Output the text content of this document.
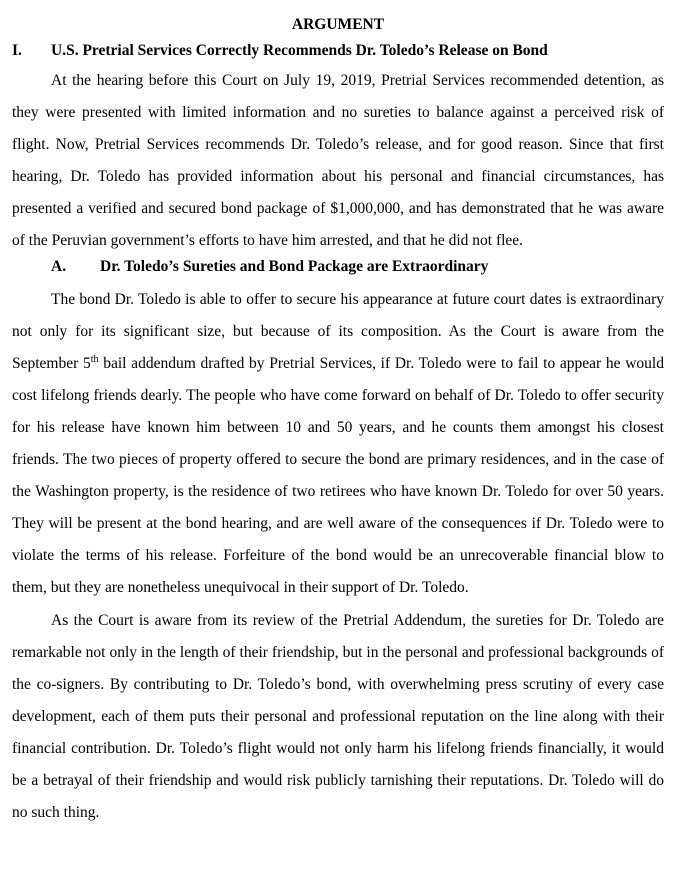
ARGUMENT
I.	U.S. Pretrial Services Correctly Recommends Dr. Toledo’s Release on Bond

At the hearing before this Court on July 19, 2019, Pretrial Services recommended detention, as they were presented with limited information and no sureties to balance against a perceived risk of flight. Now, Pretrial Services recommends Dr. Toledo’s release, and for good reason. Since that first hearing, Dr. Toledo has provided information about his personal and financial circumstances, has presented a verified and secured bond package of $1,000,000, and has demonstrated that he was aware of the Peruvian government’s efforts to have him arrested, and that he did not flee.

A.	Dr. Toledo’s Sureties and Bond Package are Extraordinary

The bond Dr. Toledo is able to offer to secure his appearance at future court dates is extraordinary not only for its significant size, but because of its composition. As the Court is aware from the September 5th bail addendum drafted by Pretrial Services, if Dr. Toledo were to fail to appear he would cost lifelong friends dearly. The people who have come forward on behalf of Dr. Toledo to offer security for his release have known him between 10 and 50 years, and he counts them amongst his closest friends. The two pieces of property offered to secure the bond are primary residences, and in the case of the Washington property, is the residence of two retirees who have known Dr. Toledo for over 50 years. They will be present at the bond hearing, and are well aware of the consequences if Dr. Toledo were to violate the terms of his release. Forfeiture of the bond would be an unrecoverable financial blow to them, but they are nonetheless unequivocal in their support of Dr. Toledo.

As the Court is aware from its review of the Pretrial Addendum, the sureties for Dr. Toledo are remarkable not only in the length of their friendship, but in the personal and professional backgrounds of the co-signers. By contributing to Dr. Toledo’s bond, with overwhelming press scrutiny of every case development, each of them puts their personal and professional reputation on the line along with their financial contribution. Dr. Toledo’s flight would not only harm his lifelong friends financially, it would be a betrayal of their friendship and would risk publicly tarnishing their reputations. Dr. Toledo will do no such thing.
